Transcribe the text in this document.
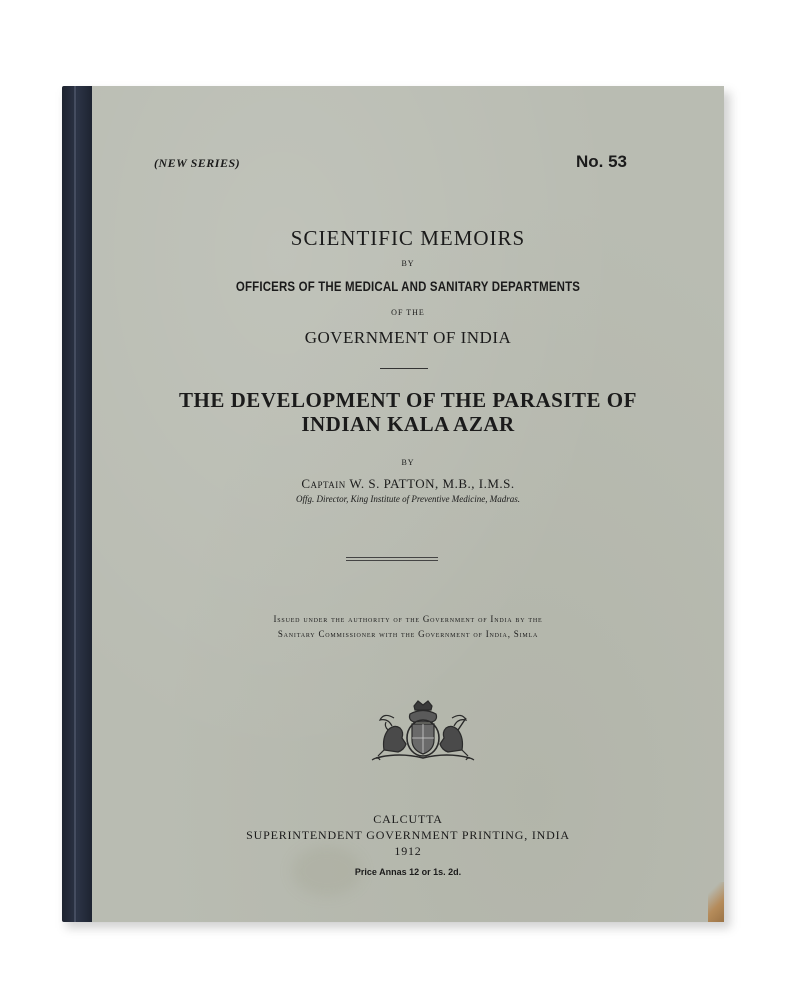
(NEW SERIES)	No. 53
SCIENTIFIC MEMOIRS
BY
OFFICERS OF THE MEDICAL AND SANITARY DEPARTMENTS
OF THE
GOVERNMENT OF INDIA
THE DEVELOPMENT OF THE PARASITE OF
INDIAN KALA AZAR
BY
Captain W. S. PATTON, M.B., I.M.S.
Offg. Director, King Institute of Preventive Medicine, Madras.
Issued under the authority of the Government of India by the
Sanitary Commissioner with the Government of India, Simla
CALCUTTA
SUPERINTENDENT GOVERNMENT PRINTING, INDIA
1912
Price Annas 12 or 1s. 2d.
